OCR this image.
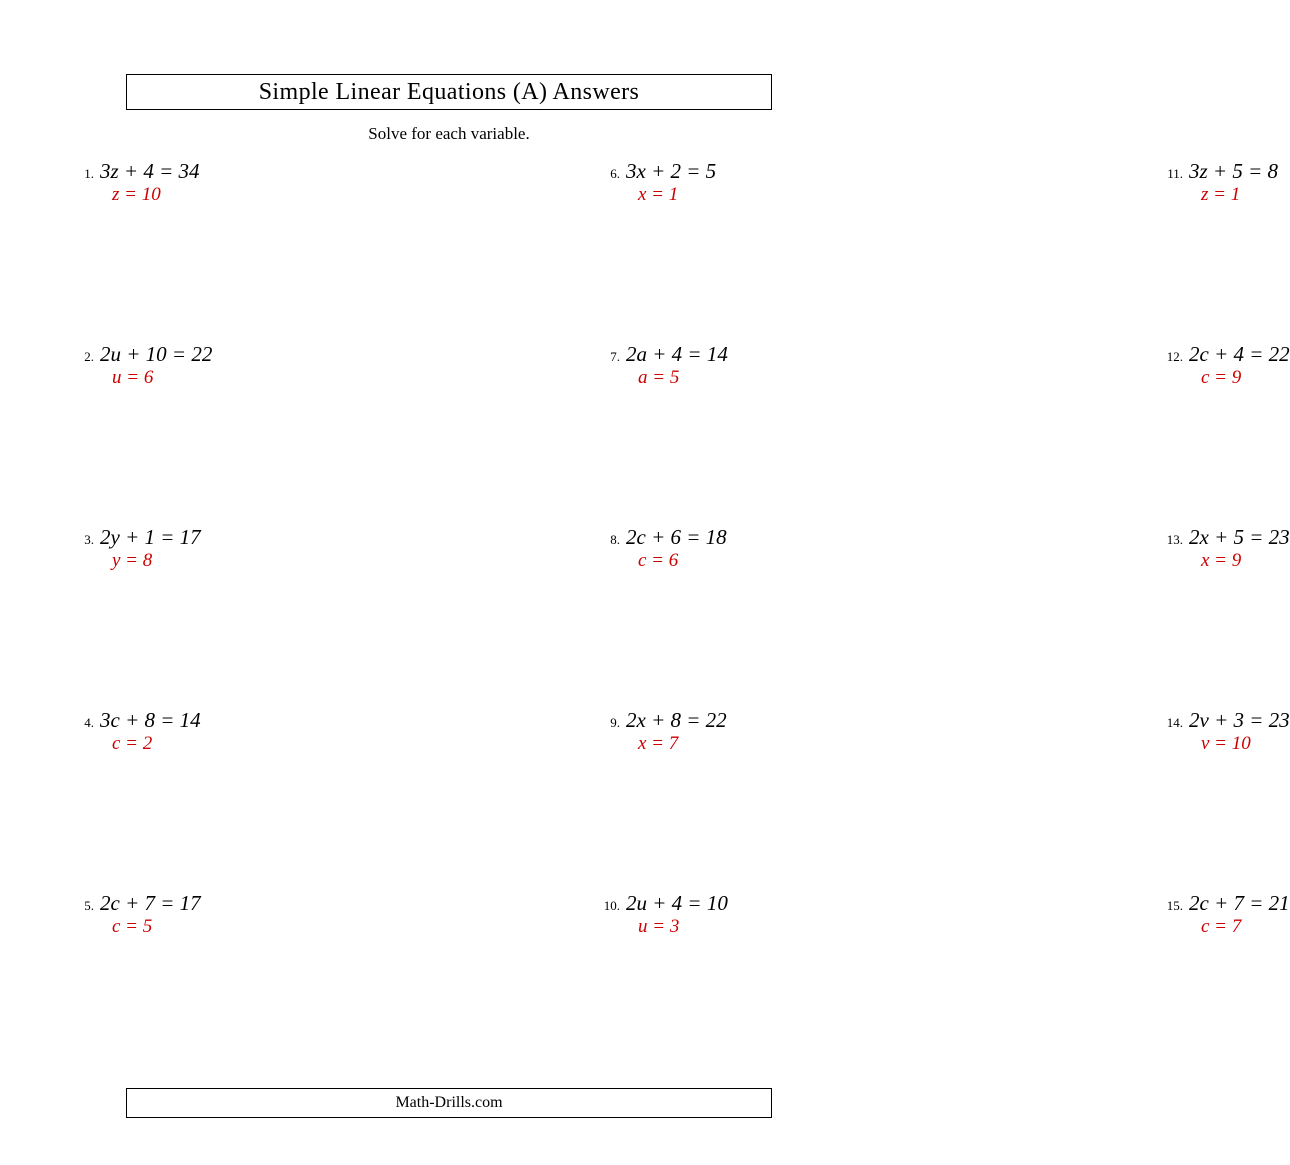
Simple Linear Equations (A) Answers
Solve for each variable.
1. 3z + 4 = 34
z = 10
6. 3x + 2 = 5
x = 1
11. 3z + 5 = 8
z = 1
2. 2u + 10 = 22
u = 6
7. 2a + 4 = 14
a = 5
12. 2c + 4 = 22
c = 9
3. 2y + 1 = 17
y = 8
8. 2c + 6 = 18
c = 6
13. 2x + 5 = 23
x = 9
4. 3c + 8 = 14
c = 2
9. 2x + 8 = 22
x = 7
14. 2v + 3 = 23
v = 10
5. 2c + 7 = 17
c = 5
10. 2u + 4 = 10
u = 3
15. 2c + 7 = 21
c = 7
Math-Drills.com
